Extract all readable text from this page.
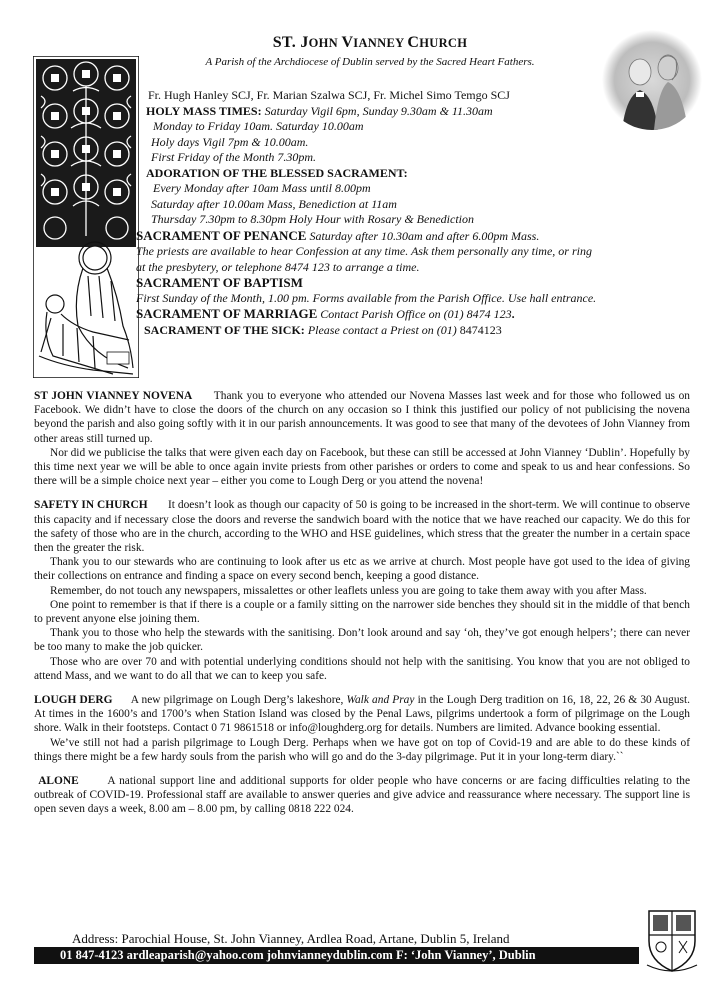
ST. JOHN VIANNEY CHURCH
A Parish of the Archdiocese of Dublin served by the Sacred Heart Fathers.
Fr. Hugh Hanley SCJ, Fr. Marian Szalwa SCJ, Fr. Michel Simo Temgo SCJ
HOLY MASS TIMES: Saturday Vigil 6pm, Sunday 9.30am & 11.30am
Monday to Friday 10am. Saturday 10.00am
Holy days Vigil 7pm & 10.00am.
First Friday of the Month 7.30pm.
ADORATION OF THE BLESSED SACRAMENT:
Every Monday after 10am Mass until 8.00pm
Saturday after 10.00am Mass, Benediction at 11am
Thursday 7.30pm to 8.30pm Holy Hour with Rosary & Benediction
SACRAMENT OF PENANCE Saturday after 10.30am and after 6.00pm Mass.
The priests are available to hear Confession at any time. Ask them personally any time, or ring
at the presbytery, or telephone 8474 123 to arrange a time.
SACRAMENT OF BAPTISM
First Sunday of the Month, 1.00 pm. Forms available from the Parish Office. Use hall entrance.
SACRAMENT OF MARRIAGE Contact Parish Office on (01) 8474 123.
SACRAMENT OF THE SICK: Please contact a Priest on (01) 8474123

ST JOHN VIANNEY NOVENA Thank you to everyone who attended our Novena Masses last week and for those who followed us on Facebook. We didn’t have to close the doors of the church on any occasion so I think this justified our policy of not publicising the novena beyond the parish and also going softly with it in our parish announcements. It was good to see that many of the devotees of John Vianney from other areas still turned up.

Nor did we publicise the talks that were given each day on Facebook, but these can still be accessed at John Vianney ‘Dublin’. Hopefully by this time next year we will be able to once again invite priests from other parishes or orders to come and speak to us and hear confessions. So there will be a simple choice next year – either you come to Lough Derg or you attend the novena!

SAFETY IN CHURCH It doesn’t look as though our capacity of 50 is going to be increased in the short-term. We will continue to observe this capacity and if necessary close the doors and reverse the sandwich board with the notice that we have reached our capacity. We do this for the safety of those who are in the church, according to the WHO and HSE guidelines, which stress that the greater the number in a certain space then the greater the risk.

Thank you to our stewards who are continuing to look after us etc as we arrive at church. Most people have got used to the idea of giving their collections on entrance and finding a space on every second bench, keeping a good distance.

Remember, do not touch any newspapers, missalettes or other leaflets unless you are going to take them away with you after Mass.

One point to remember is that if there is a couple or a family sitting on the narrower side benches they should sit in the middle of that bench to prevent anyone else joining them.

Thank you to those who help the stewards with the sanitising. Don’t look around and say ‘oh, they’ve got enough helpers’; there can never be too many to make the job quicker.

Those who are over 70 and with potential underlying conditions should not help with the sanitising. You know that you are not obliged to attend Mass, and we want to do all that we can to keep you safe.

LOUGH DERG A new pilgrimage on Lough Derg’s lakeshore, Walk and Pray in the Lough Derg tradition on 16, 18, 22, 26 & 30 August. At times in the 1600’s and 1700’s when Station Island was closed by the Penal Laws, pilgrims undertook a form of pilgrimage on the Lough shore. Walk in their footsteps. Contact 0 71 9861518 or info@loughderg.org for details. Numbers are limited. Advance booking essential.

We’ve still not had a parish pilgrimage to Lough Derg. Perhaps when we have got on top of Covid-19 and are able to do these kinds of things there might be a few hardy souls from the parish who will go and do the 3-day pilgrimage. Put it in your long-term diary.``

ALONE	A national support line and additional supports for older people who have concerns or are facing difficulties relating to the outbreak of COVID-19. Professional staff are available to answer queries and give advice and reassurance where necessary. The support line is open seven days a week, 8.00 am – 8.00 pm, by calling 0818 222 024.

Address: Parochial House, St. John Vianney, Ardlea Road, Artane, Dublin 5, Ireland
01 847-4123 ardleaparish@yahoo.com johnvianneydublin.com F: ‘John Vianney’, Dublin
